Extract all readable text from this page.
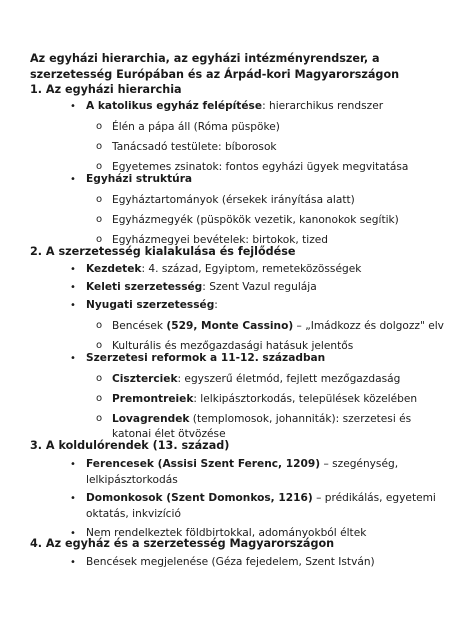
Az egyházi hierarchia, az egyházi intézményrendszer, a szerzetesség Európában és az Árpád-kori Magyarországon
1. Az egyházi hierarchia
• A katolikus egyház felépítése: hierarchikus rendszer
o Élén a pápa áll (Róma püspöke)
o Tanácsadó testülete: bíborosok
o Egyetemes zsinatok: fontos egyházi ügyek megvitatása
• Egyházi struktúra
o Egyháztartományok (érsekek irányítása alatt)
o Egyházmegyék (püspökök vezetik, kanonokok segítik)
o Egyházmegyei bevételek: birtokok, tized
2. A szerzetesség kialakulása és fejlődése
• Kezdetek: 4. század, Egyiptom, remeteközösségek
• Keleti szerzetesség: Szent Vazul regulája
• Nyugati szerzetesség:
o Bencések (529, Monte Cassino) – „Imádkozz és dolgozz" elv
o Kulturális és mezőgazdasági hatásuk jelentős
• Szerzetesi reformok a 11-12. században
o Ciszterciek: egyszerű életmód, fejlett mezőgazdaság
o Premontreiek: lelkipásztorkodás, települések közelében
o Lovagrendek (templomosok, johanniták): szerzetesi és
katonai élet ötvözése
3. A koldulórendek (13. század)
• Ferencesek (Assisi Szent Ferenc, 1209) – szegénység,
lelkipásztorkodás
• Domonkosok (Szent Domonkos, 1216) – prédikálás, egyetemi
oktatás, inkvizíció
• Nem rendelkeztek földbirtokkal, adományokból éltek
4. Az egyház és a szerzetesség Magyarországon
• Bencések megjelenése (Géza fejedelem, Szent István)
